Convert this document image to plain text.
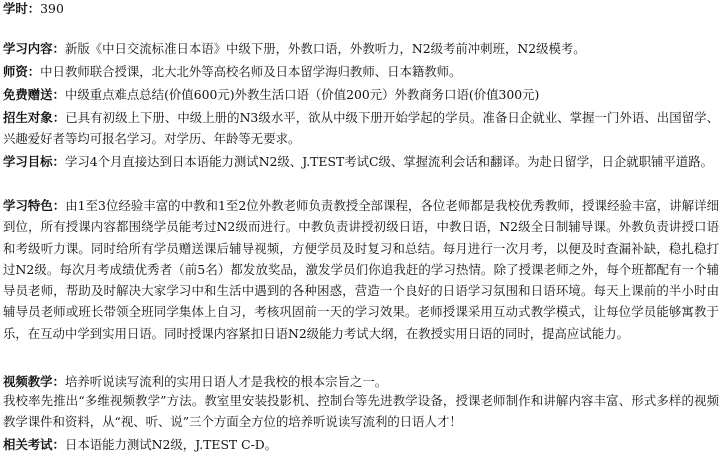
学时：390
学习内容：新版《中日交流标准日本语》中级下册，外教口语，外教听力，N2级考前冲刺班，N2级模考。
师资：中日教师联合授课，北大北外等高校名师及日本留学海归教师、日本籍教师。
免费赠送：中级重点难点总结(价值600元)外教生活口语（价值200元）外教商务口语(价值300元)
招生对象：已具有初级上下册、中级上册的N3级水平，欲从中级下册开始学起的学员。准备日企就业、掌握一门外语、出国留学、兴趣爱好者等均可报名学习。对学历、年龄等无要求。
学习目标：学习4个月直接达到日本语能力测试N2级、J.TEST考试C级、掌握流利会话和翻译。为赴日留学，日企就职铺平道路。
学习特色：由1至3位经验丰富的中教和1至2位外教老师负责教授全部课程，各位老师都是我校优秀教师，授课经验丰富，讲解详细到位，所有授课内容都围绕学员能考过N2级而进行。中教负责讲授初级日语，中教日语，N2级全日制辅导课。外教负责讲授口语和考级听力课。同时给所有学员赠送课后辅导视频，方便学员及时复习和总结。每月进行一次月考，以便及时查漏补缺，稳扎稳打过N2级。每次月考成绩优秀者（前5名）都发放奖品，激发学员们你追我赶的学习热情。除了授课老师之外，每个班都配有一个辅导员老师，帮助及时解决大家学习中和生活中遇到的各种困惑，营造一个良好的日语学习氛围和日语环境。每天上课前的半小时由辅导员老师或班长带领全班同学集体上自习，考核巩固前一天的学习效果。老师授课采用互动式教学模式，让每位学员能够寓教于乐，在互动中学到实用日语。同时授课内容紧扣日语N2级能力考试大纲，在教授实用日语的同时，提高应试能力。
视频教学：培养听说读写流利的实用日语人才是我校的根本宗旨之一。
我校率先推出“多维视频教学”方法。教室里安装投影机、控制台等先进教学设备，授课老师制作和讲解内容丰富、形式多样的视频教学课件和资料，从“视、听、说”三个方面全方位的培养听说读写流利的日语人才！
相关考试：日本语能力测试N2级，J.TEST C-D。
